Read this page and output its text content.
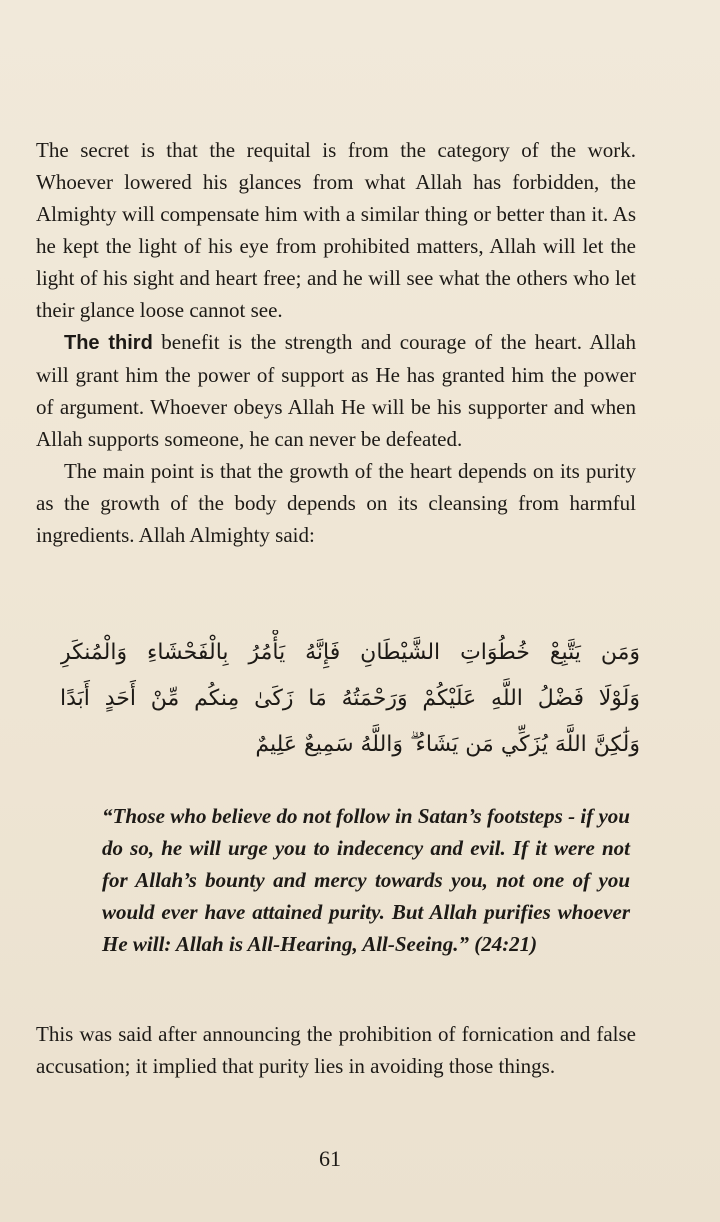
The secret is that the requital is from the category of the work. Whoever lowered his glances from what Allah has forbidden, the Almighty will compensate him with a similar thing or better than it. As he kept the light of his eye from prohibited matters, Allah will let the light of his sight and heart free; and he will see what the others who let their glance loose cannot see.

The third benefit is the strength and courage of the heart. Allah will grant him the power of support as He has granted him the power of argument. Whoever obeys Allah He will be his supporter and when Allah supports someone, he can never be defeated.

The main point is that the growth of the heart depends on its purity as the growth of the body depends on its cleansing from harmful ingredients. Allah Almighty said:

وَمَن يَتَّبِعْ خُطُوَاتِ الشَّيْطَانِ فَإِنَّهُ يَأْمُرُ بِالْفَحْشَاءِ وَالْمُنكَرِ
وَلَوْلَا فَضْلُ اللَّهِ عَلَيْكُمْ وَرَحْمَتُهُ مَا زَكَىٰ مِنكُم مِّنْ أَحَدٍ أَبَدًا
وَلَٰكِنَّ اللَّهَ يُزَكِّي مَن يَشَاءُ ۗ وَاللَّهُ سَمِيعٌ عَلِيمٌ

“Those who believe do not follow in Satan’s footsteps - if you do so, he will urge you to indecency and evil. If it were not for Allah’s bounty and mercy towards you, not one of you would ever have attained purity. But Allah purifies whoever He will: Allah is All-Hearing, All-Seeing.” (24:21)

This was said after announcing the prohibition of fornication and false accusation; it implied that purity lies in avoiding those things.

61
